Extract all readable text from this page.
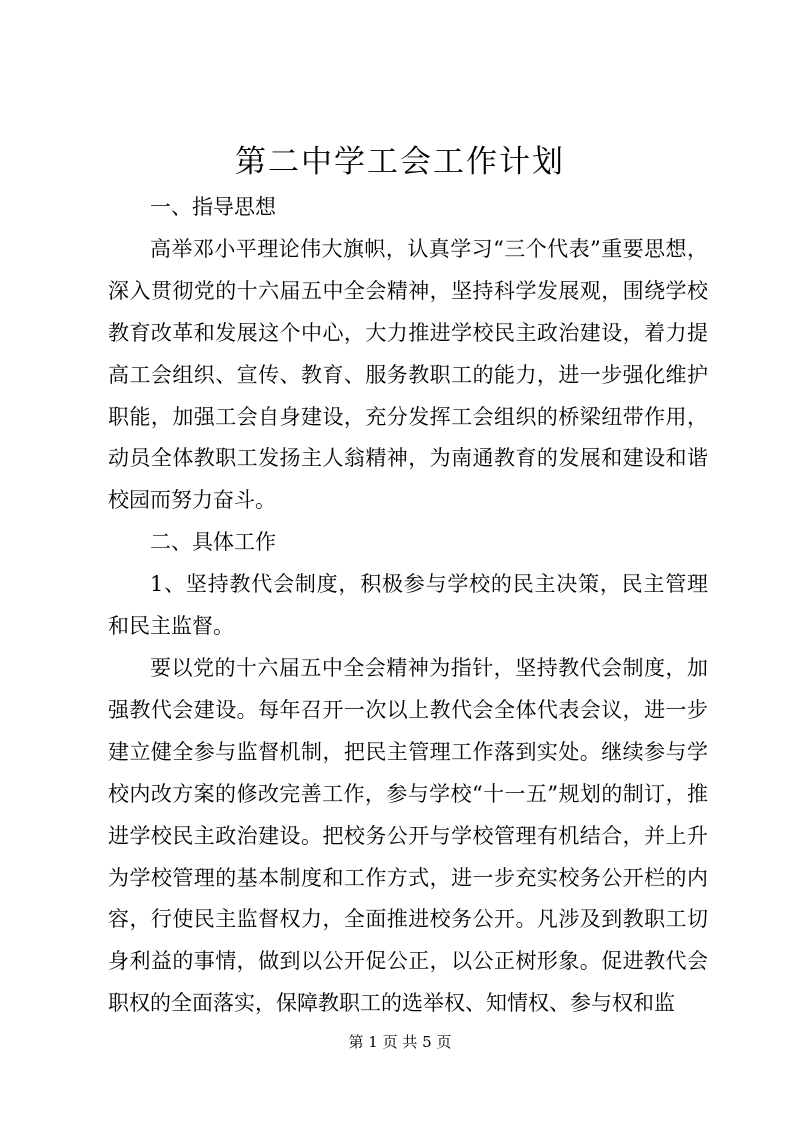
第二中学工会工作计划

一、指导思想

高举邓小平理论伟大旗帜，认真学习“三个代表”重要思想，深入贯彻党的十六届五中全会精神，坚持科学发展观，围绕学校教育改革和发展这个中心，大力推进学校民主政治建设，着力提高工会组织、宣传、教育、服务教职工的能力，进一步强化维护职能，加强工会自身建设，充分发挥工会组织的桥梁纽带作用，动员全体教职工发扬主人翁精神，为南通教育的发展和建设和谐校园而努力奋斗。

二、具体工作

1、坚持教代会制度，积极参与学校的民主决策，民主管理和民主监督。

要以党的十六届五中全会精神为指针，坚持教代会制度，加强教代会建设。每年召开一次以上教代会全体代表会议，进一步建立健全参与监督机制，把民主管理工作落到实处。继续参与学校内改方案的修改完善工作，参与学校“十一五”规划的制订，推进学校民主政治建设。把校务公开与学校管理有机结合，并上升为学校管理的基本制度和工作方式，进一步充实校务公开栏的内容，行使民主监督权力，全面推进校务公开。凡涉及到教职工切身利益的事情，做到以公开促公正，以公正树形象。促进教代会职权的全面落实，保障教职工的选举权、知情权、参与权和监

第 1 页 共 5 页
